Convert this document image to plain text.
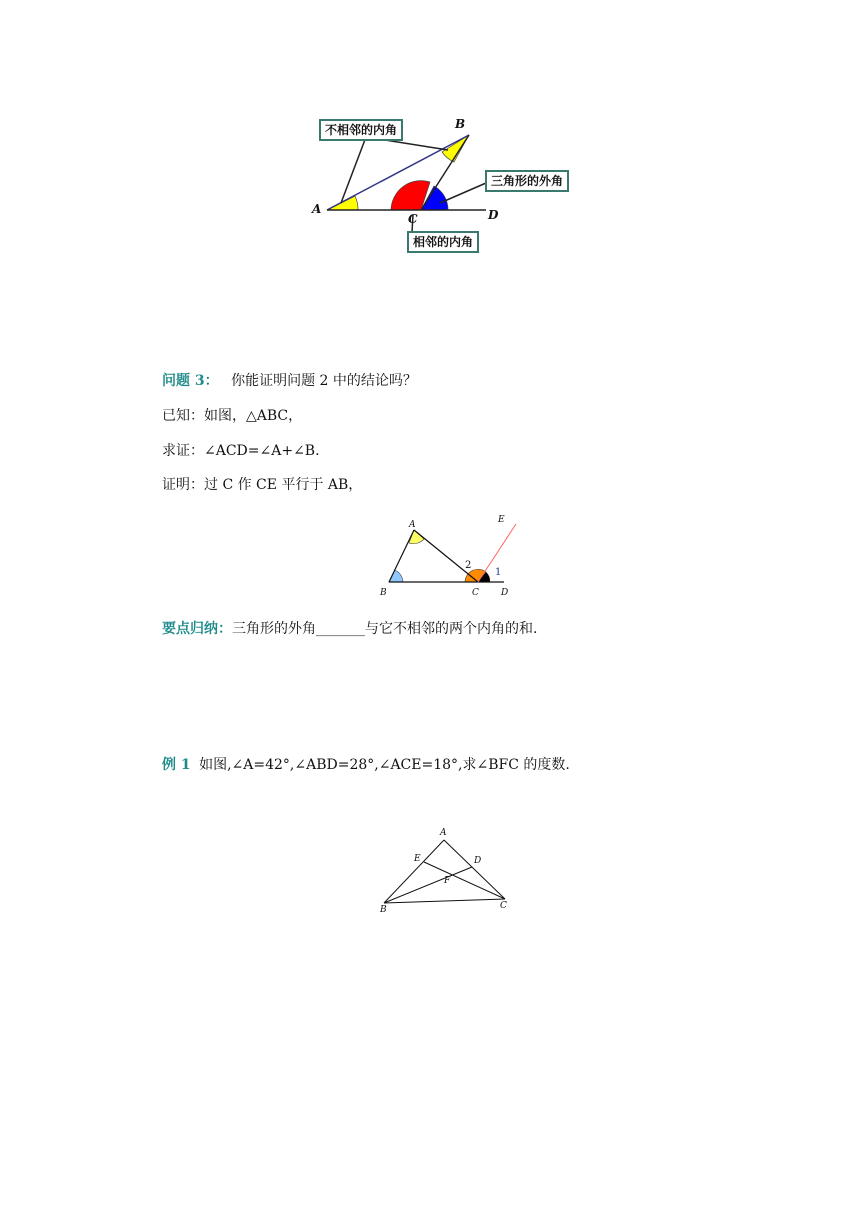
不相邻的内角
三角形的外角
相邻的内角
A
B
C	D
问题 3： 你能证明问题 2 中的结论吗？
已知：如图，△ABC，
求证：∠ACD=∠A+∠B.
证明：过 C 作 CE 平行于 AB，
A
B	C D
E
2
1
要点归纳：三角形的外角_______与它不相邻的两个内角的和.
例 1 如图,∠A=42°,∠ABD=28°,∠ACE=18°,求∠BFC 的度数.
A
B	C
D
E
F
